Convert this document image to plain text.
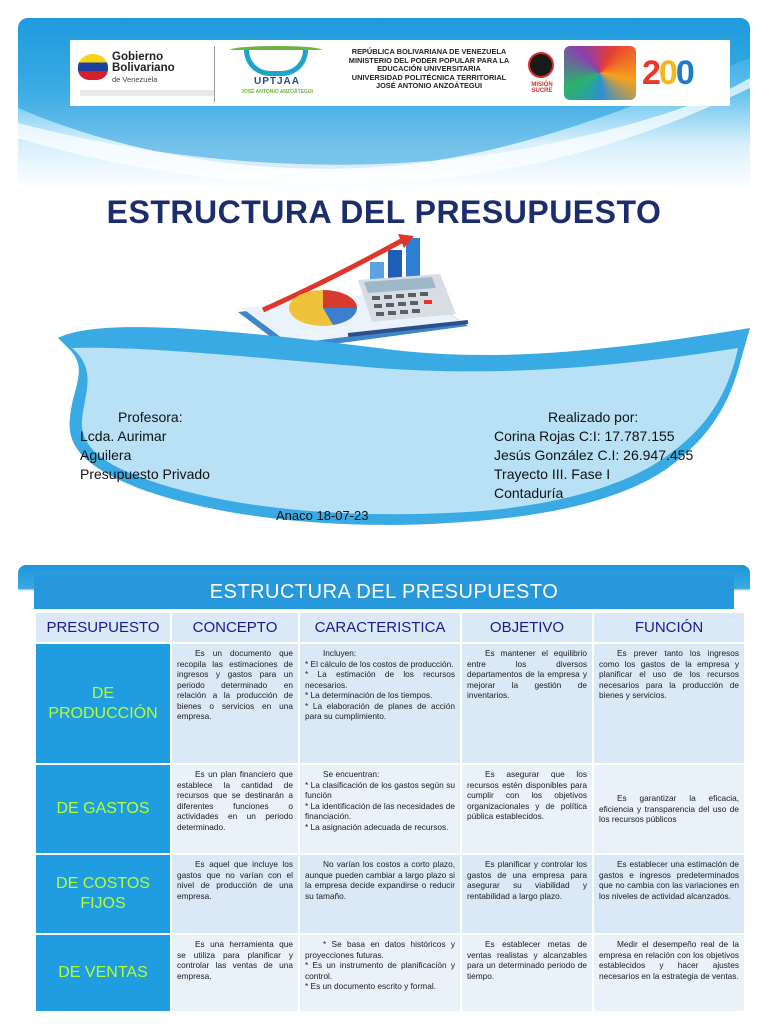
Gobierno
Bolivariano
de Venezuela	UPTJAA
JOSÉ ANTONIO ANZOÁTEGUI
REPÚBLICA BOLIVARIANA DE VENEZUELA
MINISTERIO DEL PODER POPULAR PARA LA
EDUCACIÓN UNIVERSITARIA
UNIVERSIDAD POLITÉCNICA TERRITORIAL
JOSÉ ANTONIO ANZOÁTEGUI	MISIÓN SUCRE	200
ESTRUCTURA DEL PRESUPUESTO
Profesora:
Lcda. Aurimar
Aguilera
Presupuesto Privado
Realizado por:
Corina Rojas C:I: 17.787.155
Jesús González C.I: 26.947.455
Trayecto III. Fase I
Contaduría
Anaco 18-07-23
ESTRUCTURA DEL PRESUPUESTO
PRESUPUESTO	CONCEPTO	CARACTERISTICA	OBJETIVO	FUNCIÓN
DE PRODUCCIÓN	Es un documento que recopila las estimaciones de ingresos y gastos para un periodo determinado en relación a la producción de bienes o servicios en una empresa.	Incluyen:
* El cálculo de los costos de producción.
* La estimación de los recursos necesarios.
* La determinación de los tiempos.
* La elaboración de planes de acción para su cumplimiento.	Es mantener el equilibrio entre los diversos departamentos de la empresa y mejorar la gestión de inventarios.	Es prever tanto los ingresos como los gastos de la empresa y planificar el uso de los recursos necesarios para la producción de bienes y servicios.
DE GASTOS	Es un plan financiero que establece la cantidad de recursos que se destinarán a diferentes funciones o actividades en un periodo determinado.	Se encuentran:
* La clasificación de los gastos según su función
* La identificación de las necesidades de financiación.
* La asignación adecuada de recursos.	Es asegurar que los recursos estén disponibles para cumplir con los objetivos organizacionales y de política pública establecidos.	Es garantizar la eficacia, eficiencia y transparencia del uso de los recursos públicos
DE COSTOS FIJOS	Es aquel que incluye los gastos que no varían con el nivel de producción de una empresa.	No varían los costos a corto plazo, aunque pueden cambiar a largo plazo si la empresa decide expandirse o reducir su tamaño.	Es planificar y controlar los gastos de una empresa para asegurar su viabilidad y rentabilidad a largo plazo.	Es establecer una estimación de gastos e ingresos predeterminados que no cambia con las variaciones en los niveles de actividad alcanzados.
DE VENTAS	Es una herramienta que se utiliza para planificar y controlar las ventas de una empresa.	* Se basa en datos históricos y proyecciones futuras.
* Es un instrumento de planificación y control.
* Es un documento escrito y formal.	Es establecer metas de ventas realistas y alcanzables para un determinado periodo de tiempo.	Medir el desempeño real de la empresa en relación con los objetivos establecidos y hacer ajustes necesarios en la estrategia de ventas.
